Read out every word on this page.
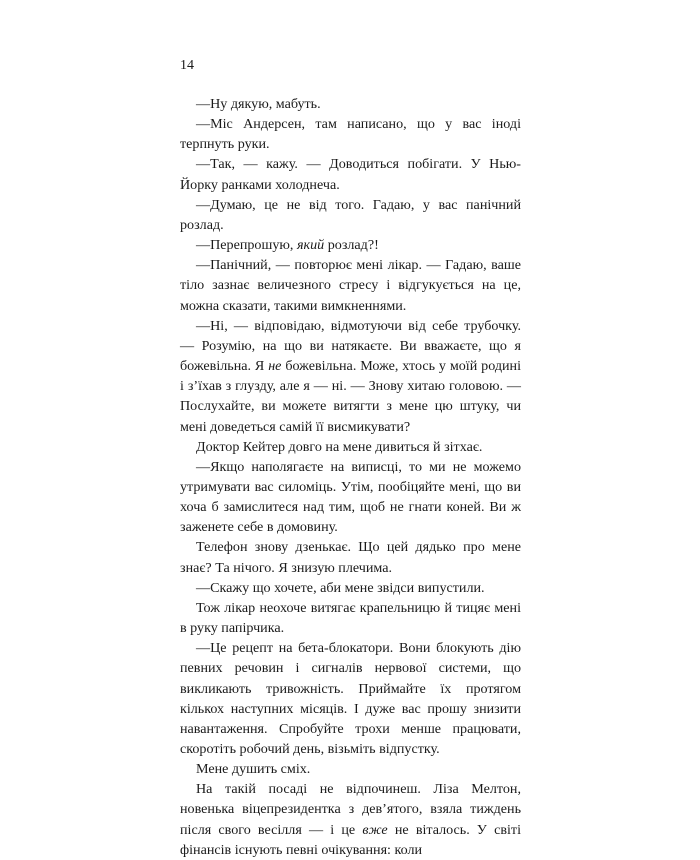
14

—Ну дякую, мабуть.

—Міс Андерсен, там написано, що у вас іноді терпнуть руки.

—Так, — кажу. — Доводиться побігати. У Нью-Йорку ранками холоднеча.

—Думаю, це не від того. Гадаю, у вас панічний розлад.

—Перепрошую, який розлад?!

—Панічний, — повторює мені лікар. — Гадаю, ваше тіло зазнає величезного стресу і відгукується на це, можна сказати, такими вимкненнями.

—Ні, — відповідаю, відмотуючи від себе трубочку. — Розумію, на що ви натякаєте. Ви вважаєте, що я божевільна. Я не божевільна. Може, хтось у моїй родині і з’їхав з глузду, але я — ні. — Знову хитаю головою. — Послухайте, ви можете витягти з мене цю штуку, чи мені доведеться самій її висмикувати?

Доктор Кейтер довго на мене дивиться й зітхає.

—Якщо наполягаєте на виписці, то ми не можемо утримувати вас силоміць. Утім, пообіцяйте мені, що ви хоча б замислитеся над тим, щоб не гнати коней. Ви ж заженете себе в домовину.

Телефон знову дзенькає. Що цей дядько про мене знає? Та нічого. Я знизую плечима.

—Скажу що хочете, аби мене звідси випустили.

Тож лікар неохоче витягає крапельницю й тицяє мені в руку папірчика.

—Це рецепт на бета-блокатори. Вони блокують дію певних речовин і сигналів нервової системи, що викликають тривожність. Приймайте їх протягом кількох наступних місяців. І дуже вас прошу знизити навантаження. Спробуйте трохи менше працювати, скоротіть робочий день, візьміть відпустку.

Мене душить сміх.

На такій посаді не відпочинеш. Ліза Мелтон, новенька віцепрезидентка з дев’ятого, взяла тиждень після свого весілля — і це вже не віталось. У світі фінансів існують певні очікування: коли
